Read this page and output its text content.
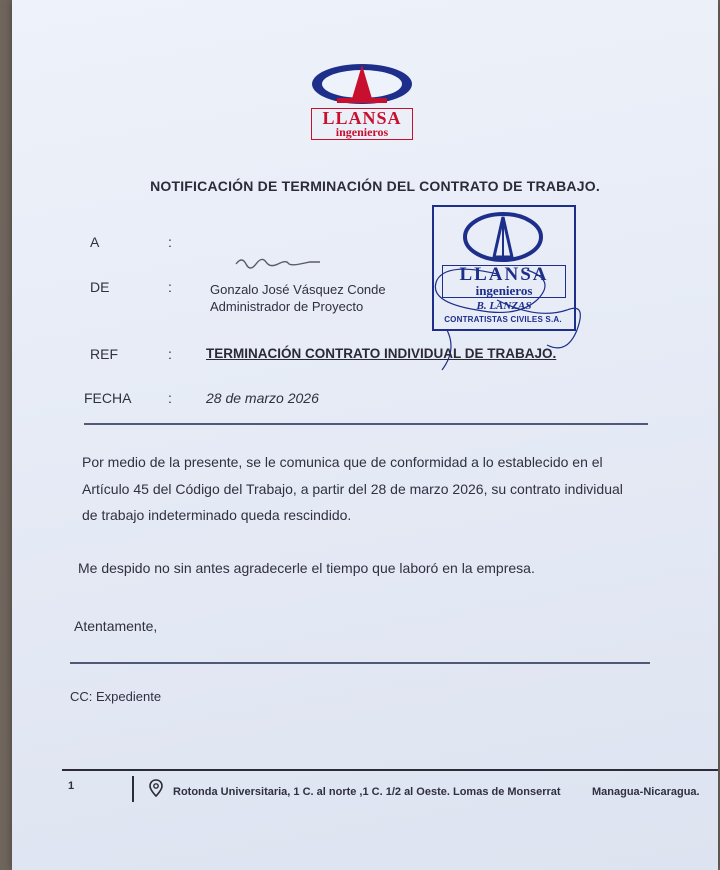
LLANSA
ingenieros
NOTIFICACIÓN DE TERMINACIÓN DEL CONTRATO DE TRABAJO.
A	:
DE	:	Gonzalo José Vásquez Conde
Administrador de Proyecto
LLANSA
ingenieros
B. LANZAS
CONTRATISTAS CIVILES S.A.
REF	:	TERMINACIÓN CONTRATO INDIVIDUAL DE TRABAJO.
FECHA	: 28 de marzo 2026
Por medio de la presente, se le comunica que de conformidad a lo establecido en el
Artículo 45 del Código del Trabajo, a partir del 28 de marzo 2026, su contrato individual
de trabajo indeterminado queda rescindido.
Me despido no sin antes agradecerle el tiempo que laboró en la empresa.
Atentamente,
CC: Expediente
1	Rotonda Universitaria, 1 C. al norte ,1 C. 1/2 al Oeste. Lomas de Monserrat	Managua-Nicaragua.
